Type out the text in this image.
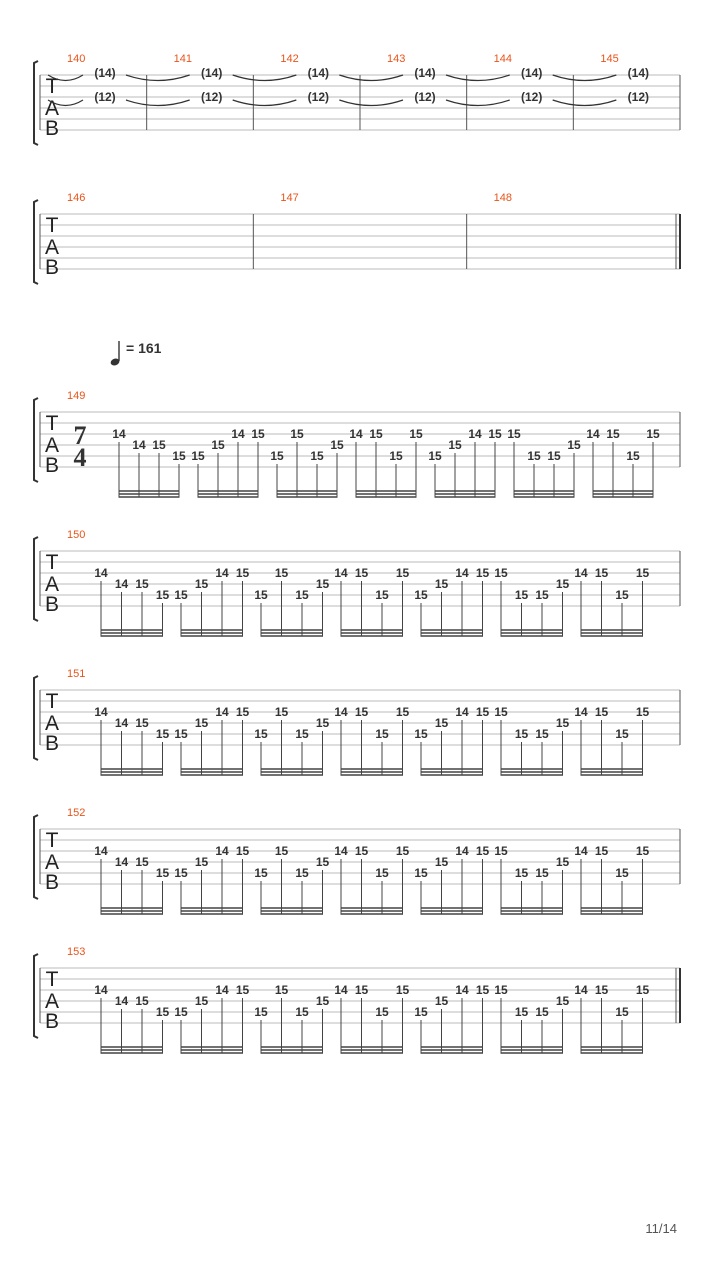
T
A
B
140
(14)
(12)
141
(14)
(12)
142
(14)
(12)
143
(14)
(12)
144
(14)
(12)
145
(14)
(12)
T
A
B
146	147	148
T
A
B
149
7
4
14
14 15
15 15
15
14 15
15
15
15
15
14 15
15
15
15
15
14 15 15
15 15
15
14 15
15
15
= 161
T
A
B
150
14
14 15
15 15
15
14 15
15
15
15
15
14 15
15
15
15
15
14 15 15
15 15
15
14 15
15
15
T
A
B
151
14
14 15
15 15
15
14 15
15
15
15
15
14 15
15
15
15
15
14 15 15
15 15
15
14 15
15
15
T
A
B
152
14
14 15
15 15
15
14 15
15
15
15
15
14 15
15
15
15
15
14 15 15
15 15
15
14 15
15
15
T
A
B
153
14
14 15
15 15
15
14 15
15
15
15
15
14 15
15
15
15
15
14 15 15
15 15
15
14 15
15
15
11/14
